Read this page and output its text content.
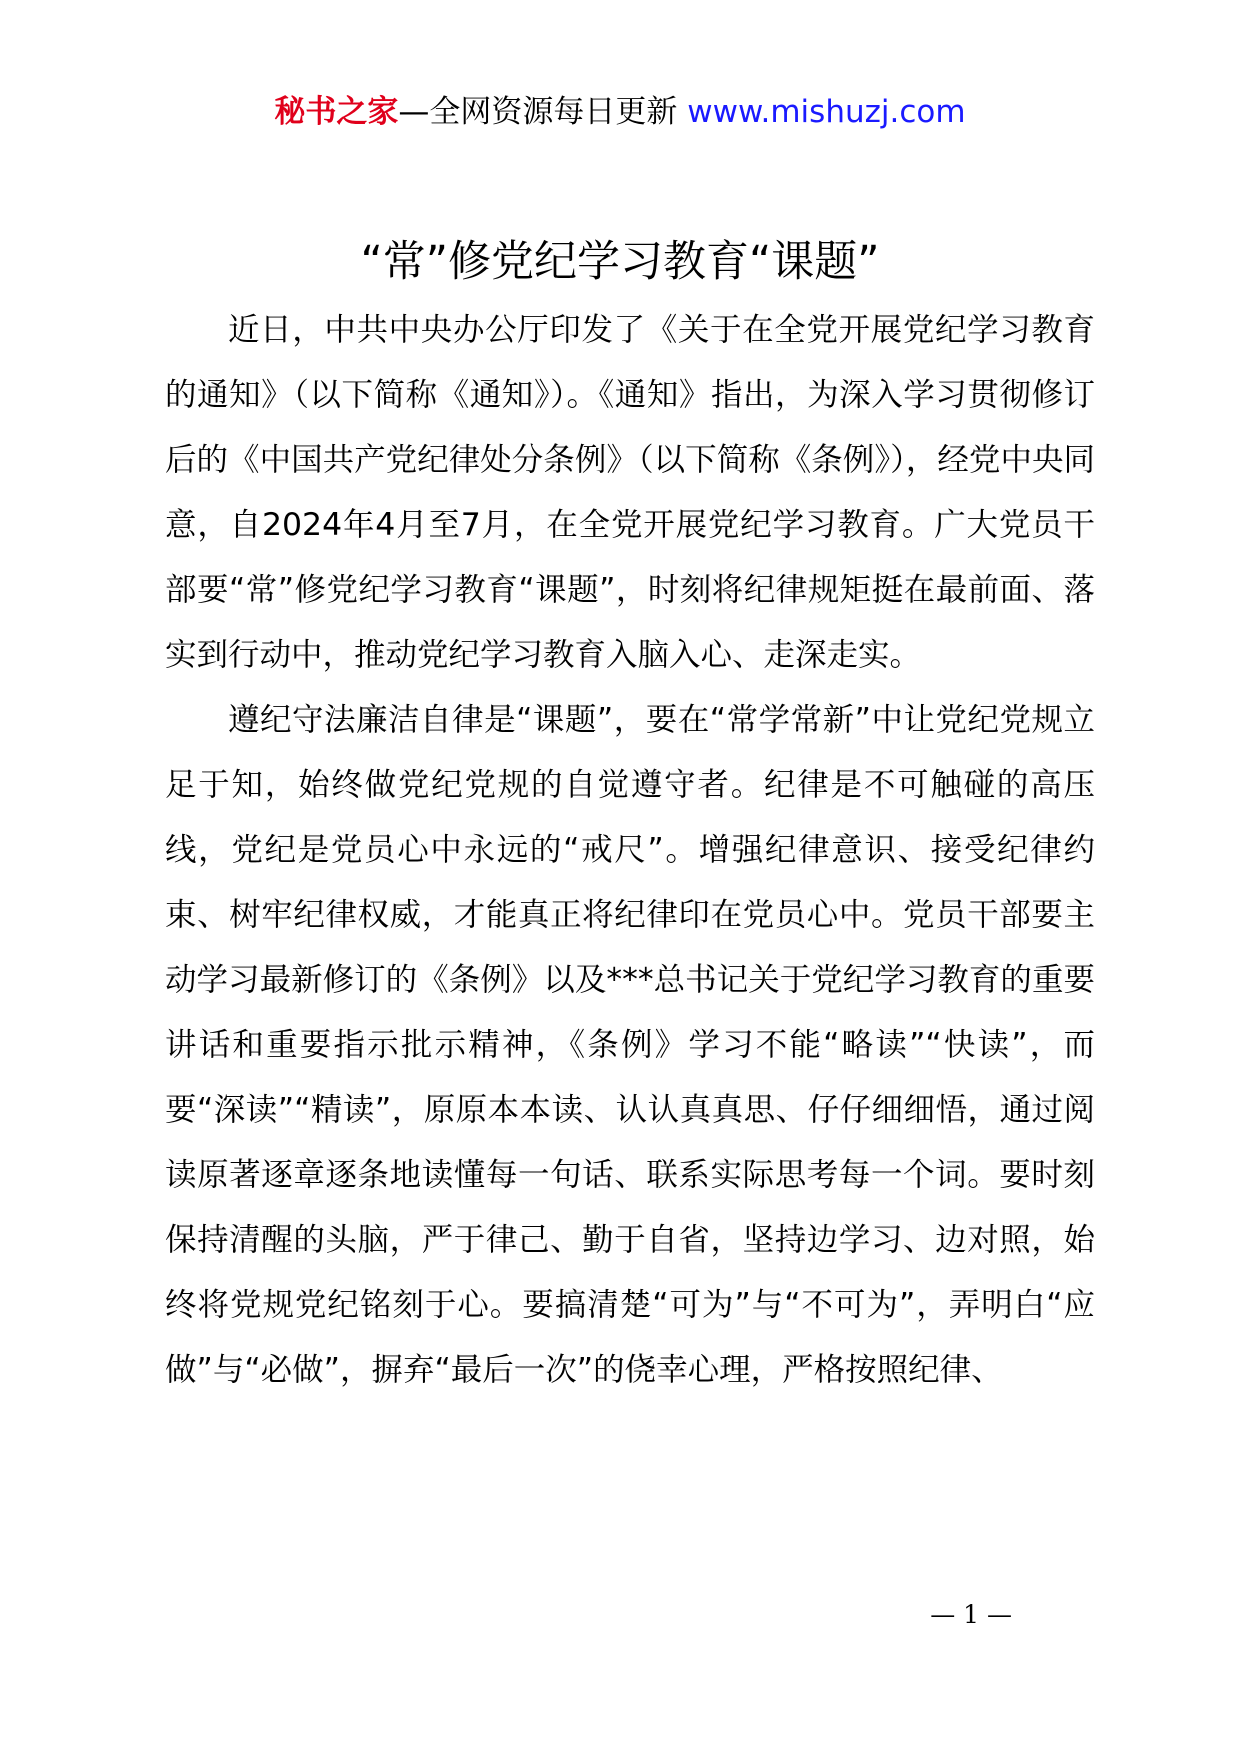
秘书之家—全网资源每日更新 www.mishuzj.com
“常”修党纪学习教育“课题”

近日，中共中央办公厅印发了《关于在全党开展党纪学习教育的通知》（以下简称《通知》）。《通知》指出，为深入学习贯彻修订后的《中国共产党纪律处分条例》（以下简称《条例》），经党中央同意，自2024年4月至7月，在全党开展党纪学习教育。广大党员干部要“常”修党纪学习教育“课题”，时刻将纪律规矩挺在最前面、落实到行动中，推动党纪学习教育入脑入心、走深走实。

遵纪守法廉洁自律是“课题”，要在“常学常新”中让党纪党规立足于知，始终做党纪党规的自觉遵守者。纪律是不可触碰的高压线，党纪是党员心中永远的“戒尺”。增强纪律意识、接受纪律约束、树牢纪律权威，才能真正将纪律印在党员心中。党员干部要主动学习最新修订的《条例》以及***总书记关于党纪学习教育的重要讲话和重要指示批示精神，《条例》学习不能“略读”“快读”，而要“深读”“精读”，原原本本读、认认真真思、仔仔细细悟，通过阅读原著逐章逐条地读懂每一句话、联系实际思考每一个词。要时刻保持清醒的头脑，严于律己、勤于自省，坚持边学习、边对照，始终将党规党纪铭刻于心。要搞清楚“可为”与“不可为”，弄明白“应做”与“必做”，摒弃“最后一次”的侥幸心理，严格按照纪律、

— 1 —
